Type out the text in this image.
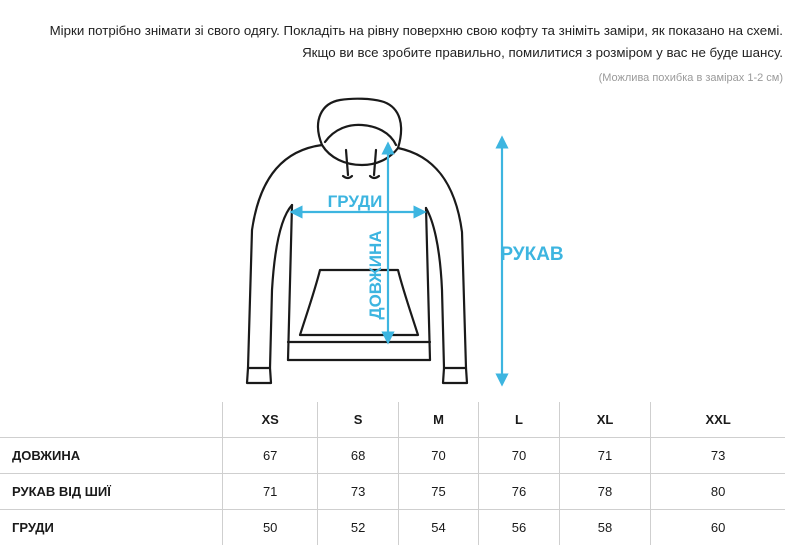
Мірки потрібно знімати зі свого одягу. Покладіть на рівну поверхню свою кофту та зніміть заміри, як показано на схемі.
Якщо ви все зробите правильно, помилитися з розміром у вас не буде шансу.
(Можлива похибка в замірах 1-2 см)
ГРУДИ
ДОВЖИНА	РУКАВ
	XS	S	M	L	XL	XXL
ДОВЖИНА	67	68	70	70	71	73
РУКАВ ВІД ШИЇ	71	73	75	76	78	80
ГРУДИ	50	52	54	56	58	60
